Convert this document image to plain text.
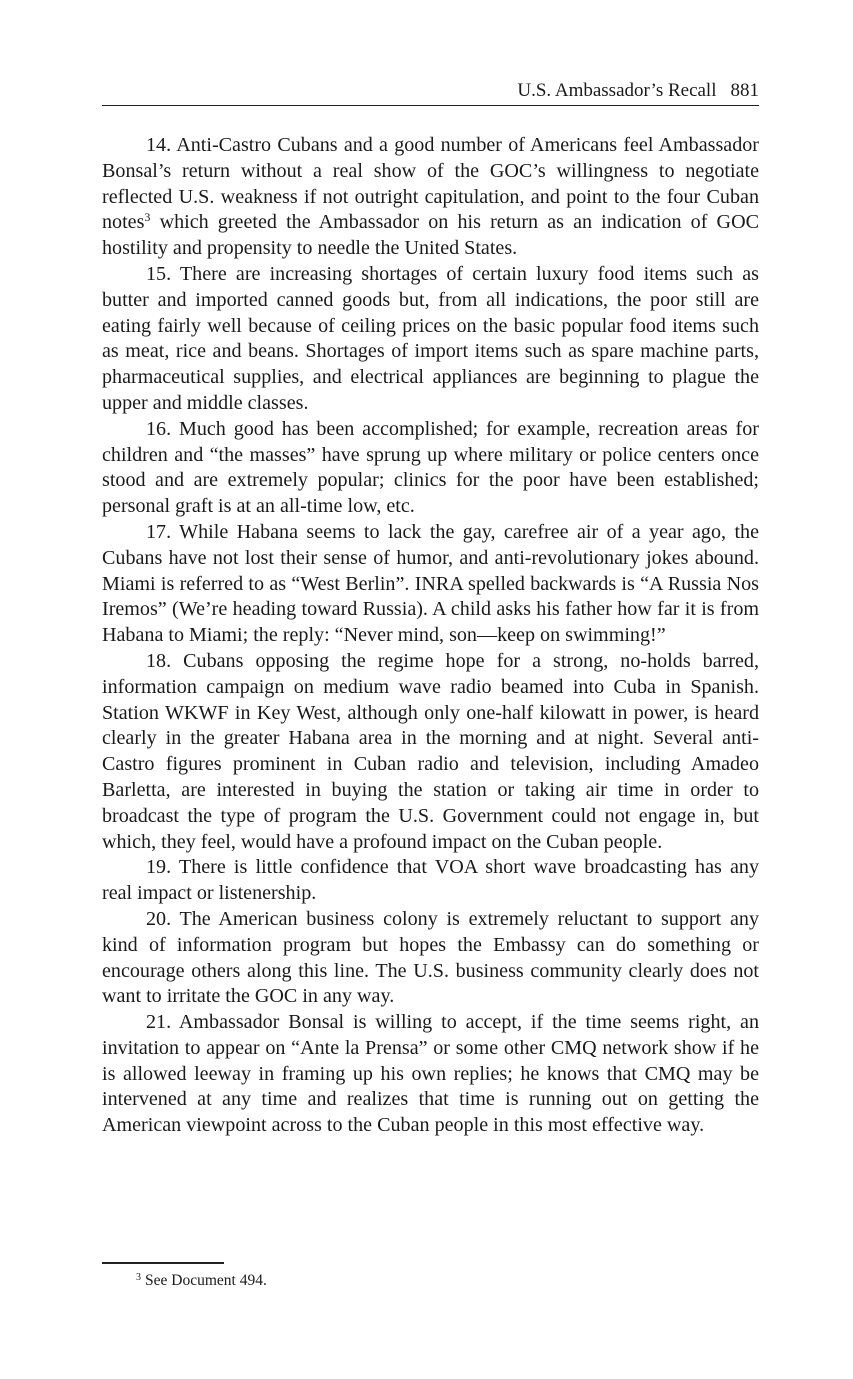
U.S. Ambassador’s Recall 881

14. Anti-Castro Cubans and a good number of Americans feel Ambassador Bonsal’s return without a real show of the GOC’s willingness to negotiate reflected U.S. weakness if not outright capitulation, and point to the four Cuban notes$^3$ which greeted the Ambassador on his return as an indication of GOC hostility and propensity to needle the United States.

15. There are increasing shortages of certain luxury food items such as butter and imported canned goods but, from all indications, the poor still are eating fairly well because of ceiling prices on the basic popular food items such as meat, rice and beans. Shortages of import items such as spare machine parts, pharmaceutical supplies, and electrical appliances are beginning to plague the upper and middle classes.

16. Much good has been accomplished; for example, recreation areas for children and “the masses” have sprung up where military or police centers once stood and are extremely popular; clinics for the poor have been established; personal graft is at an all-time low, etc.

17. While Habana seems to lack the gay, carefree air of a year ago, the Cubans have not lost their sense of humor, and anti-revolutionary jokes abound. Miami is referred to as “West Berlin”. INRA spelled backwards is “A Russia Nos Iremos” (We’re heading toward Russia). A child asks his father how far it is from Habana to Miami; the reply: “Never mind, son—keep on swimming!”

18. Cubans opposing the regime hope for a strong, no-holds barred, information campaign on medium wave radio beamed into Cuba in Spanish. Station WKWF in Key West, although only one-half kilowatt in power, is heard clearly in the greater Habana area in the morning and at night. Several anti-Castro figures prominent in Cuban radio and television, including Amadeo Barletta, are interested in buying the station or taking air time in order to broadcast the type of program the U.S. Government could not engage in, but which, they feel, would have a profound impact on the Cuban people.

19. There is little confidence that VOA short wave broadcasting has any real impact or listenership.

20. The American business colony is extremely reluctant to support any kind of information program but hopes the Embassy can do something or encourage others along this line. The U.S. business community clearly does not want to irritate the GOC in any way.

21. Ambassador Bonsal is willing to accept, if the time seems right, an invitation to appear on “Ante la Prensa” or some other CMQ network show if he is allowed leeway in framing up his own replies; he knows that CMQ may be intervened at any time and realizes that time is running out on getting the American viewpoint across to the Cuban people in this most effective way.

$^3$ See Document 494.
